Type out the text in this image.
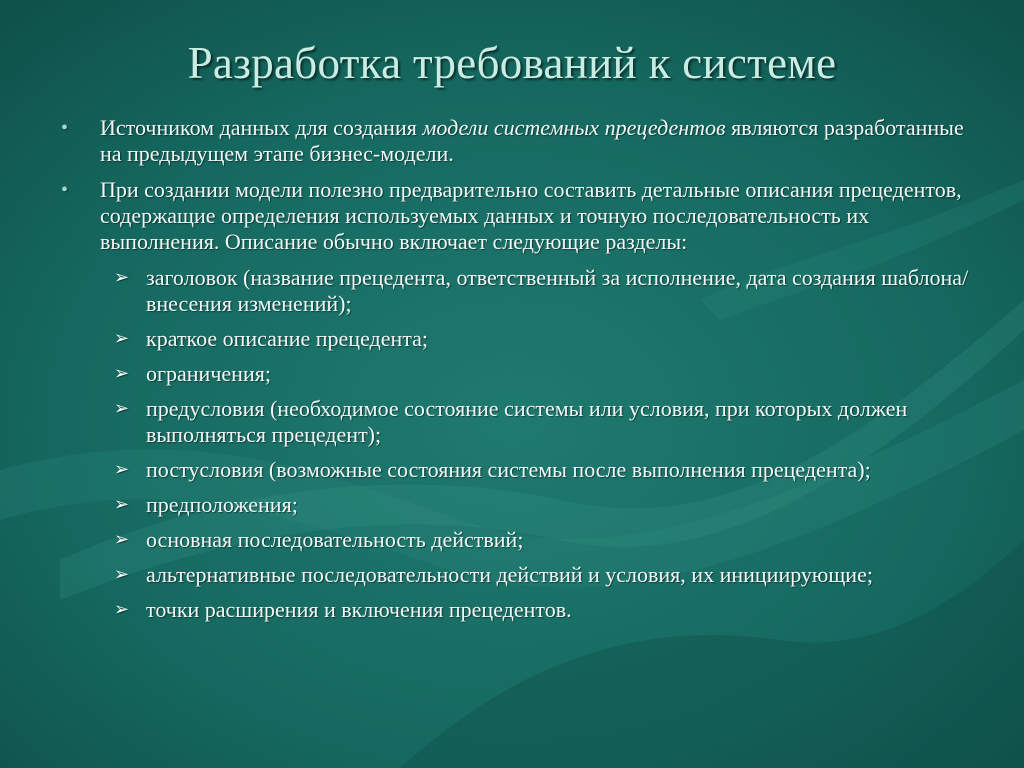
Разработка требований к системе
• Источником данных для создания модели системных прецедентов являются разработанные на предыдущем этапе бизнес-модели.
• При создании модели полезно предварительно составить детальные описания прецедентов, содержащие определения используемых данных и точную последовательность их выполнения. Описание обычно включает следующие разделы:
➢ заголовок (название прецедента, ответственный за исполнение, дата создания шаблона/внесения изменений);
➢ краткое описание прецедента;
➢ ограничения;
➢ предусловия (необходимое состояние системы или условия, при которых должен выполняться прецедент);
➢ постусловия (возможные состояния системы после выполнения прецедента);
➢ предположения;
➢ основная последовательность действий;
➢ альтернативные последовательности действий и условия, их инициирующие;
➢ точки расширения и включения прецедентов.
